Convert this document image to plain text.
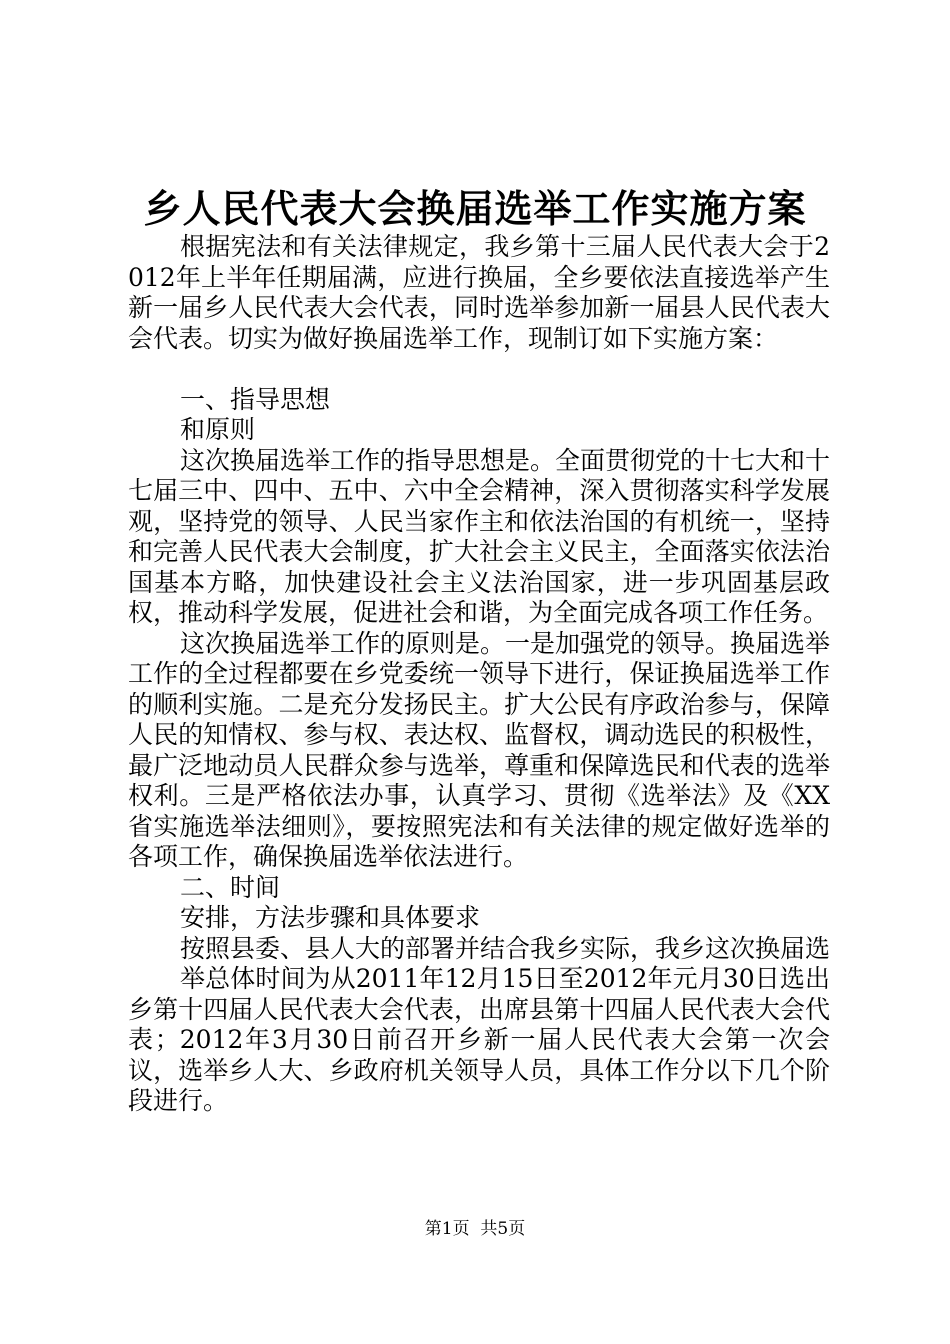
乡人民代表大会换届选举工作实施方案

根据宪法和有关法律规定，我乡第十三届人民代表大会于2012年上半年任期届满，应进行换届，全乡要依法直接选举产生新一届乡人民代表大会代表，同时选举参加新一届县人民代表大会代表。切实为做好换届选举工作，现制订如下实施方案：

一、指导思想

和原则

这次换届选举工作的指导思想是。全面贯彻党的十七大和十七届三中、四中、五中、六中全会精神，深入贯彻落实科学发展观，坚持党的领导、人民当家作主和依法治国的有机统一，坚持和完善人民代表大会制度，扩大社会主义民主，全面落实依法治国基本方略，加快建设社会主义法治国家，进一步巩固基层政权，推动科学发展，促进社会和谐，为全面完成各项工作任务。

这次换届选举工作的原则是。一是加强党的领导。换届选举工作的全过程都要在乡党委统一领导下进行，保证换届选举工作的顺利实施。二是充分发扬民主。扩大公民有序政治参与，保障人民的知情权、参与权、表达权、监督权，调动选民的积极性，最广泛地动员人民群众参与选举，尊重和保障选民和代表的选举权利。三是严格依法办事，认真学习、贯彻《选举法》及《XX省实施选举法细则》，要按照宪法和有关法律的规定做好选举的各项工作，确保换届选举依法进行。

二、时间

安排，方法步骤和具体要求

按照县委、县人大的部署并结合我乡实际，我乡这次换届选

举总体时间为从2011年12月15日至2012年元月30日选出乡第十四届人民代表大会代表，出席县第十四届人民代表大会代表；2012年3月30日前召开乡新一届人民代表大会第一次会议，选举乡人大、乡政府机关领导人员，具体工作分以下几个阶段进行。

第1页 共5页
